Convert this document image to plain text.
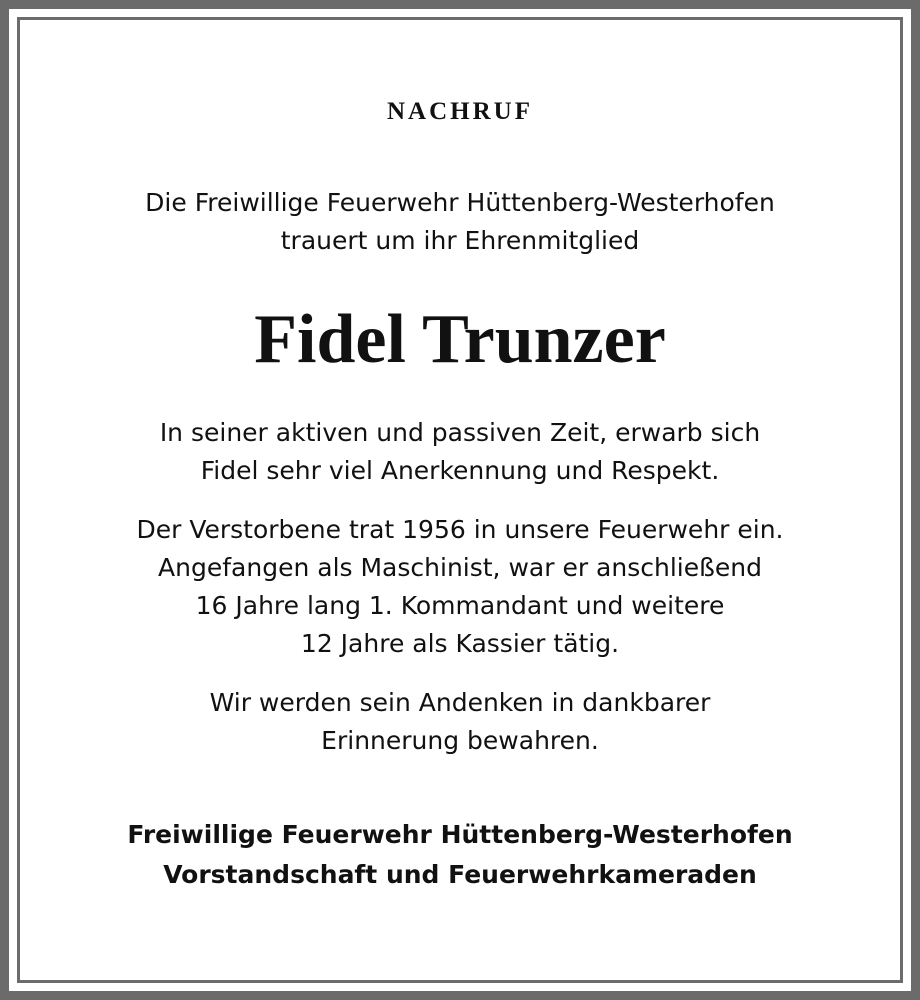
NACHRUF
Die Freiwillige Feuerwehr Hüttenberg-Westerhofen
trauert um ihr Ehrenmitglied
Fidel Trunzer
In seiner aktiven und passiven Zeit, erwarb sich
Fidel sehr viel Anerkennung und Respekt.
Der Verstorbene trat 1956 in unsere Feuerwehr ein.
Angefangen als Maschinist, war er anschließend
16 Jahre lang 1. Kommandant und weitere
12 Jahre als Kassier tätig.
Wir werden sein Andenken in dankbarer
Erinnerung bewahren.
Freiwillige Feuerwehr Hüttenberg-Westerhofen
Vorstandschaft und Feuerwehrkameraden
